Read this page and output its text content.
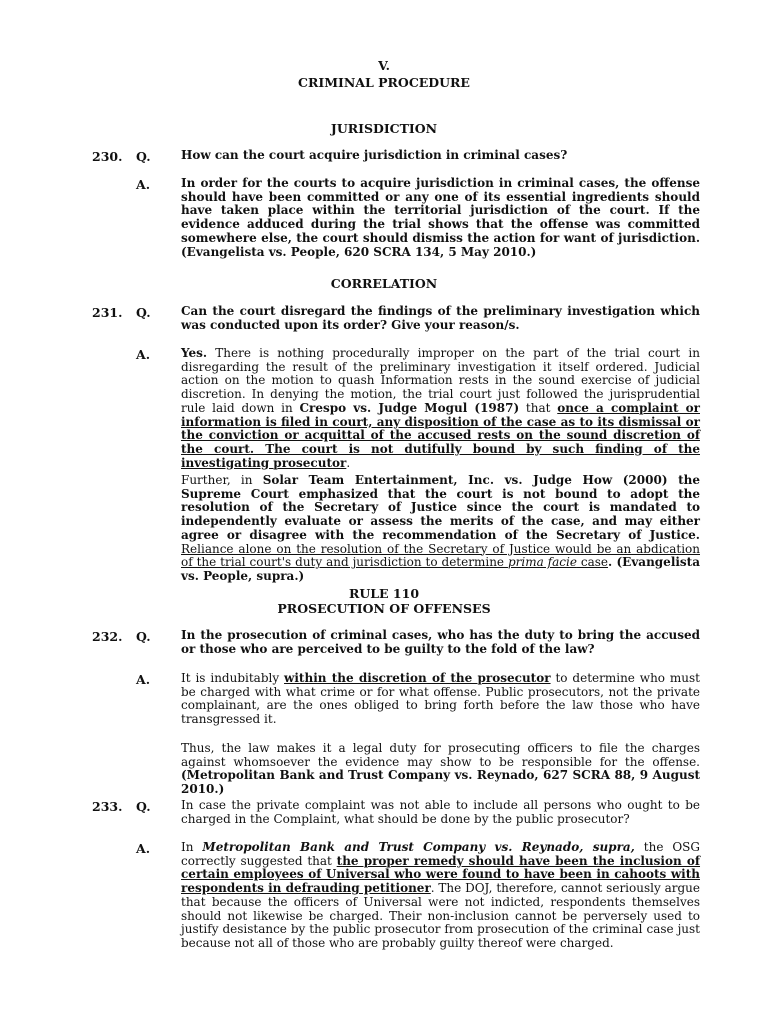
V.
CRIMINAL PROCEDURE
JURISDICTION
230. Q.	How can the court acquire jurisdiction in criminal cases?
A.	In order for the courts to acquire jurisdiction in criminal cases, the offense should have been committed or any one of its essential ingredients should have taken place within the territorial jurisdiction of the court. If the evidence adduced during the trial shows that the offense was committed somewhere else, the court should dismiss the action for want of jurisdiction. (Evangelista vs. People, 620 SCRA 134, 5 May 2010.)
CORRELATION
231. Q.	Can the court disregard the findings of the preliminary investigation which was conducted upon its order? Give your reason/s.
A.	Yes. There is nothing procedurally improper on the part of the trial court in disregarding the result of the preliminary investigation it itself ordered. Judicial action on the motion to quash Information rests in the sound exercise of judicial discretion. In denying the motion, the trial court just followed the jurisprudential rule laid down in Crespo vs. Judge Mogul (1987) that once a complaint or information is filed in court, any disposition of the case as to its dismissal or the conviction or acquittal of the accused rests on the sound discretion of the court. The court is not dutifully bound by such finding of the investigating prosecutor.
Further, in Solar Team Entertainment, Inc. vs. Judge How (2000) the Supreme Court emphasized that the court is not bound to adopt the resolution of the Secretary of Justice since the court is mandated to independently evaluate or assess the merits of the case, and may either agree or disagree with the recommendation of the Secretary of Justice. Reliance alone on the resolution of the Secretary of Justice would be an abdication of the trial court's duty and jurisdiction to determine prima facie case. (Evangelista vs. People, supra.)
RULE 110
PROSECUTION OF OFFENSES
232. Q.	In the prosecution of criminal cases, who has the duty to bring the accused or those who are perceived to be guilty to the fold of the law?
A.	It is indubitably within the discretion of the prosecutor to determine who must be charged with what crime or for what offense. Public prosecutors, not the private complainant, are the ones obliged to bring forth before the law those who have transgressed it.
Thus, the law makes it a legal duty for prosecuting officers to file the charges against whomsoever the evidence may show to be responsible for the offense. (Metropolitan Bank and Trust Company vs. Reynado, 627 SCRA 88, 9 August 2010.)
233. Q.	In case the private complaint was not able to include all persons who ought to be charged in the Complaint, what should be done by the public prosecutor?
A.	In Metropolitan Bank and Trust Company vs. Reynado, supra, the OSG correctly suggested that the proper remedy should have been the inclusion of certain employees of Universal who were found to have been in cahoots with respondents in defrauding petitioner. The DOJ, therefore, cannot seriously argue that because the officers of Universal were not indicted, respondents themselves should not likewise be charged. Their non-inclusion cannot be perversely used to justify desistance by the public prosecutor from prosecution of the criminal case just because not all of those who are probably guilty thereof were charged.
